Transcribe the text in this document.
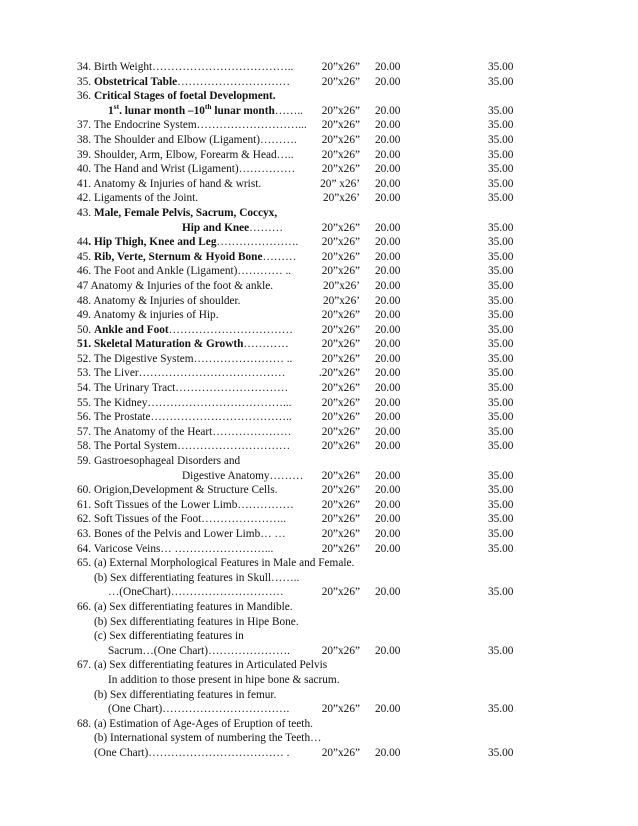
34. Birth Weight………………………………..	20”x26” 20.00	35.00
35. Obstetrical Table…………………………	20”x26” 20.00	35.00
36. Critical Stages of foetal Development.
1st. lunar month –10th lunar month…….. 20”x26” 20.00	35.00
37. The Endocrine System………………………... 20”x26” 20.00	35.00
38. The Shoulder and Elbow (Ligament)………. 20”x26” 20.00	35.00
39. Shoulder, Arm, Elbow, Forearm & Head….. 20”x26” 20.00	35.00
40. The Hand and Wrist (Ligament)…………… 20”x26” 20.00	35.00
41. Anatomy & Injuries of hand & wrist.	20” x26’ 20.00	35.00
42. Ligaments of the Joint.	20”x26’ 20.00	35.00
43. Male, Female Pelvis, Sacrum, Coccyx,
Hip and Knee………	20”x26” 20.00	35.00
44. Hip Thigh, Knee and Leg…………………. 20”x26” 20.00	35.00
45. Rib, Verte, Sternum & Hyoid Bone……… 20”x26” 20.00	35.00
46. The Foot and Ankle (Ligament)………… ..	20”x26” 20.00	35.00
47 Anatomy & Injuries of the foot & ankle.	20”x26’ 20.00	35.00
48. Anatomy & Injuries of shoulder.	20”x26’ 20.00	35.00
49. Anatomy & injuries of Hip.	20”x26” 20.00	35.00
50. Ankle and Foot……………………………	20”x26” 20.00	35.00
51. Skeletal Maturation & Growth…………	20”x26” 20.00	35.00
52. The Digestive System…………………… ..	20”x26” 20.00	35.00
53. The Liver…………………………………	.20”x26” 20.00	35.00
54. The Urinary Tract…………………………	20”x26” 20.00	35.00
55. The Kidney………………………………...	20”x26” 20.00	35.00
56. The Prostate………………………………..	20”x26” 20.00	35.00
57. The Anatomy of the Heart…………………	20”x26” 20.00	35.00
58. The Portal System…………………………	20”x26” 20.00	35.00
59. Gastroesophageal Disorders and
Digestive Anatomy……… 20”x26” 20.00	35.00
60. Origion,Development & Structure Cells.	20”x26” 20.00	35.00
61. Soft Tissues of the Lower Limb…………… 20”x26” 20.00	35.00
62. Soft Tissues of the Foot…………………..	20”x26” 20.00	35.00
63. Bones of the Pelvis and Lower Limb… …	20”x26” 20.00	35.00
64. Varicose Veins… ……………………...	20”x26” 20.00	35.00
65. (a) External Morphological Features in Male and Female.
(b) Sex differentiating features in Skull……..
…(OneChart)…………………………	20”x26” 20.00	35.00
66. (a) Sex differentiating features in Mandible.
(b) Sex differentiating features in Hipe Bone.
(c) Sex differentiating features in
Sacrum…(One Chart)………………….	20”x26” 20.00	35.00
67. (a) Sex differentiating features in Articulated Pelvis
In addition to those present in hipe bone & sacrum.
(b) Sex differentiating features in femur.
(One Chart)…………………………….	20”x26” 20.00	35.00
68. (a) Estimation of Age-Ages of Eruption of teeth.
(b) International system of numbering the Teeth…
(One Chart)……………………………… .	20”x26” 20.00	35.00
